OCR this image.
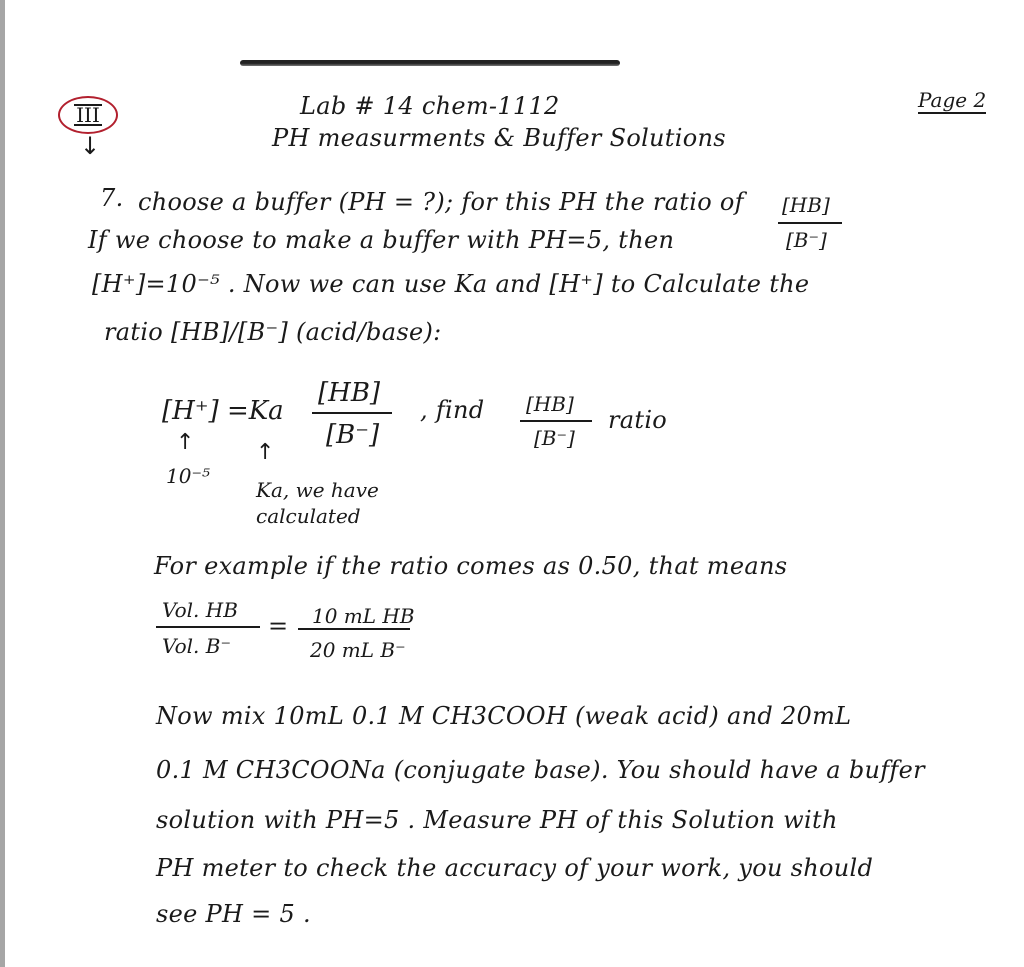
III
↓
Lab # 14 chem-1112
PH measurments & Buffer Solutions
Page 2
7. choose a buffer (PH = ?); for this PH the ratio of [HB]
[B⁻]
If we choose to make a buffer with PH=5, then
[H⁺]=10⁻⁵ . Now we can use Ka and [H⁺] to Calculate the
ratio [HB]/[B⁻] (acid/base):
[H⁺] =Ka
[HB]
[B⁻]
, find [HB]
[B⁻]
ratio
↑	↑
10⁻⁵
Ka, we have
calculated
For example if the ratio comes as 0.50, that means
Vol. HB
Vol. B⁻
= 10 mL HB
20 mL B⁻
Now mix 10mL 0.1 M CH3COOH (weak acid) and 20mL
0.1 M CH3COONa (conjugate base). You should have a buffer
solution with PH=5 . Measure PH of this Solution with
PH meter to check the accuracy of your work, you should
see PH = 5 .
